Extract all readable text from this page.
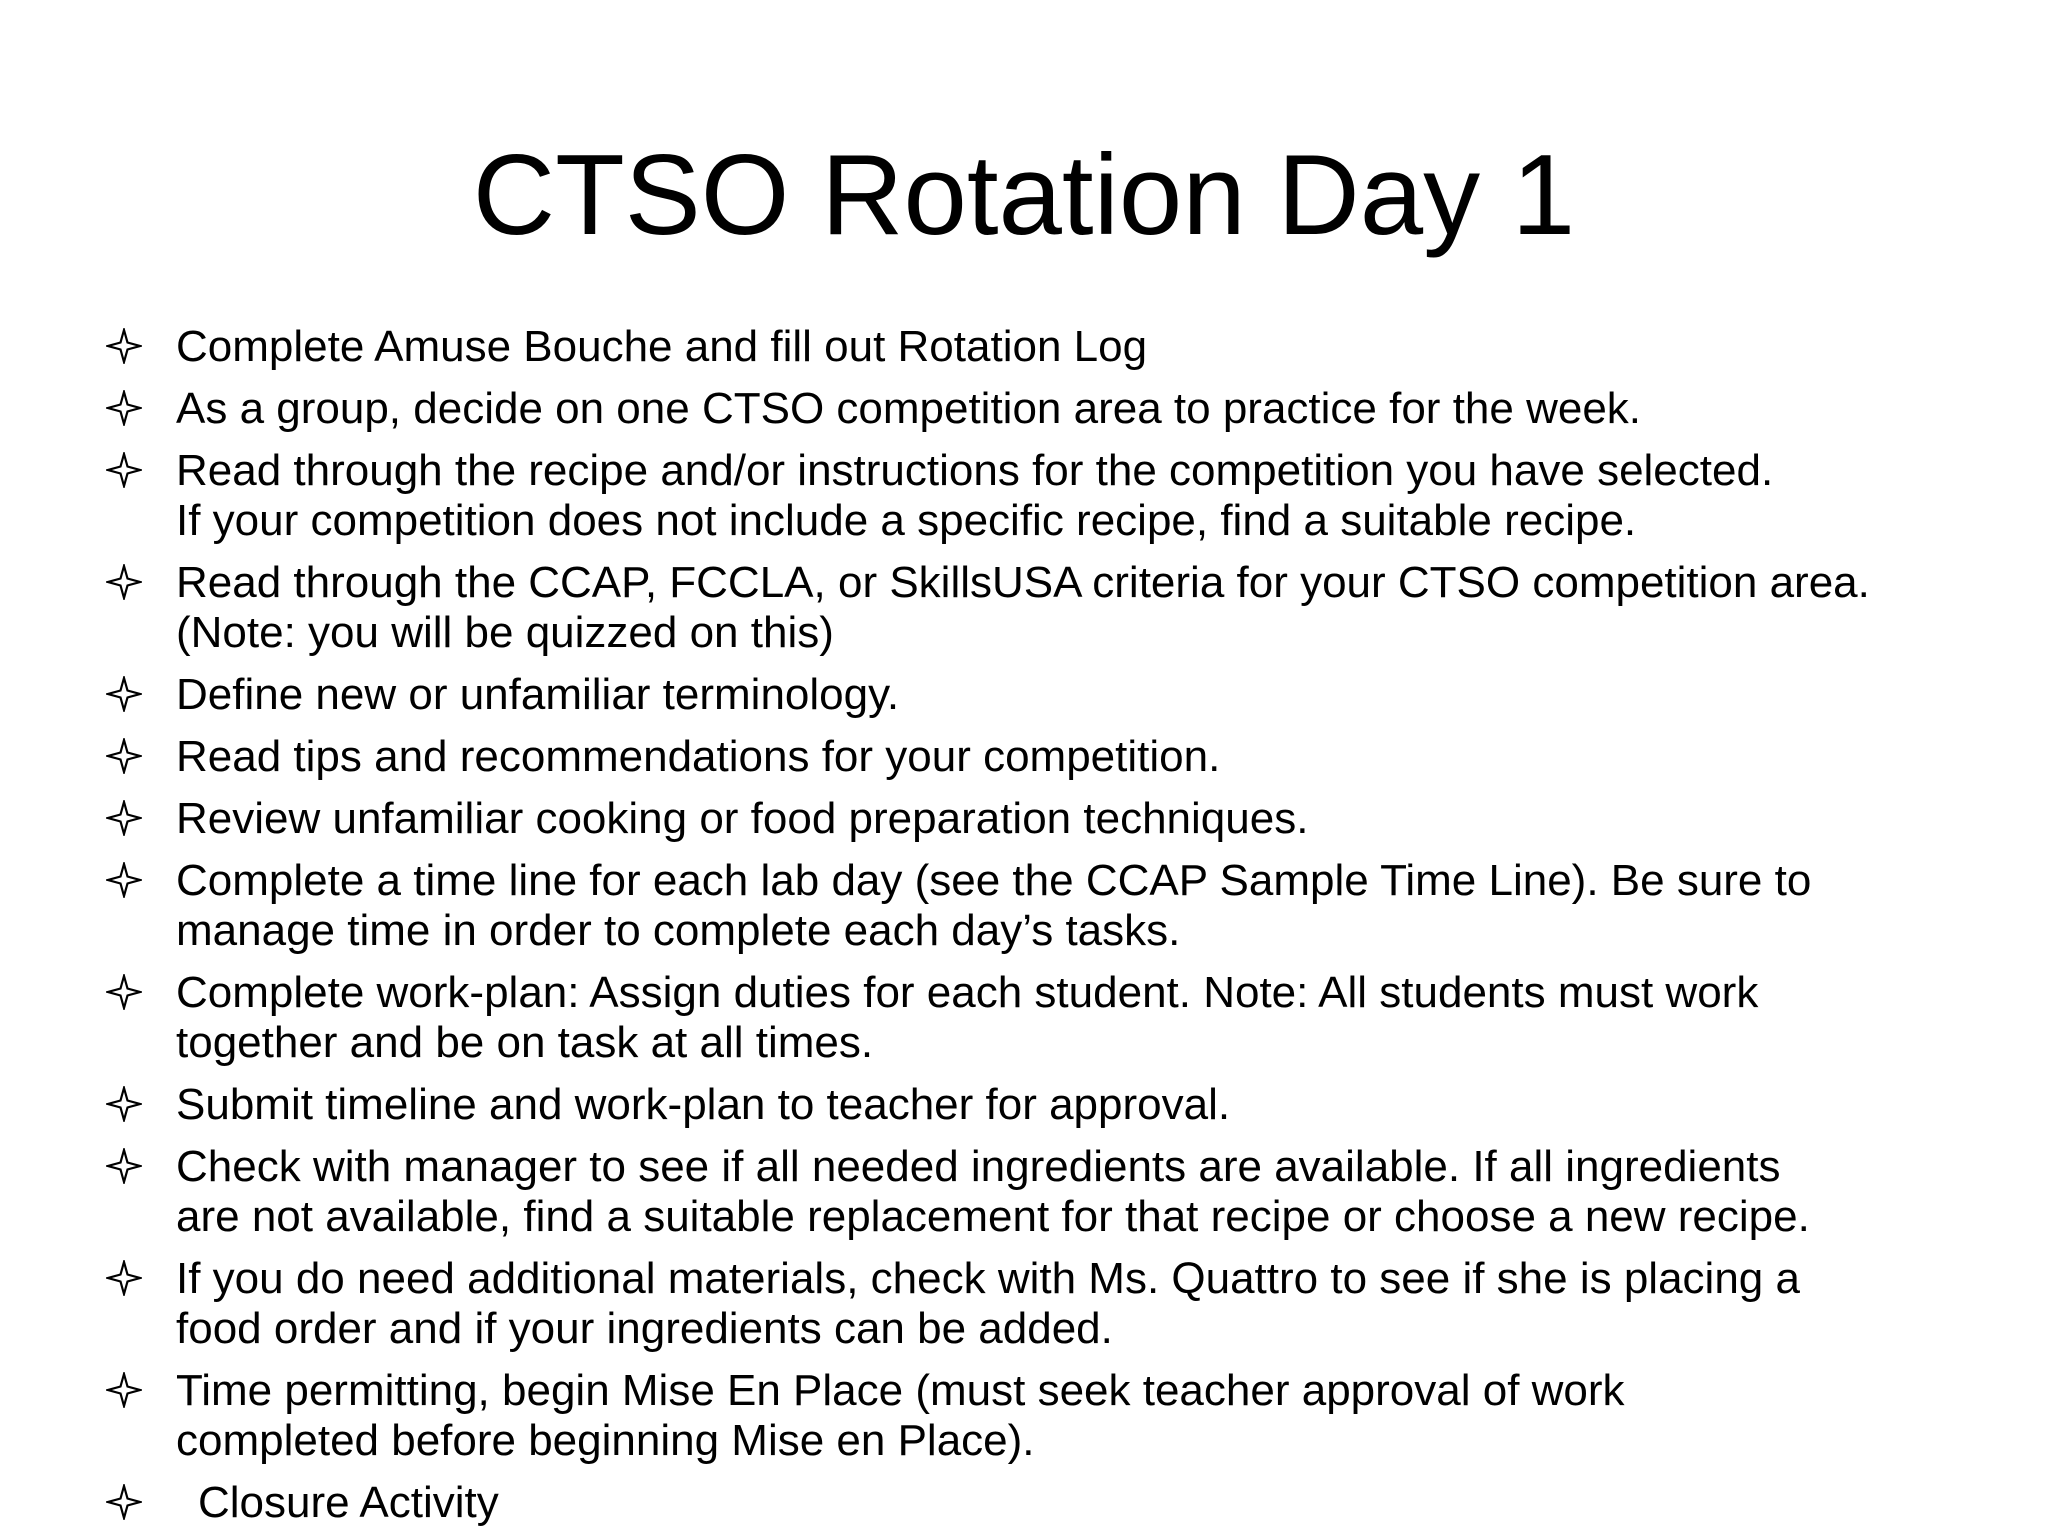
CTSO Rotation Day 1
Complete Amuse Bouche and fill out Rotation Log
As a group, decide on one CTSO competition area to practice for the week.
Read through the recipe and/or instructions for the competition you have selected.
If your competition does not include a specific recipe, find a suitable recipe.
Read through the CCAP, FCCLA, or SkillsUSA criteria for your CTSO competition area.
(Note: you will be quizzed on this)
Define new or unfamiliar terminology.
Read tips and recommendations for your competition.
Review unfamiliar cooking or food preparation techniques.
Complete a time line for each lab day (see the CCAP Sample Time Line). Be sure to
manage time in order to complete each day’s tasks.
Complete work-plan: Assign duties for each student. Note: All students must work
together and be on task at all times.
Submit timeline and work-plan to teacher for approval.
Check with manager to see if all needed ingredients are available. If all ingredients
are not available, find a suitable replacement for that recipe or choose a new recipe.
If you do need additional materials, check with Ms. Quattro to see if she is placing a
food order and if your ingredients can be added.
Time permitting, begin Mise En Place (must seek teacher approval of work
completed before beginning Mise en Place).
Closure Activity
